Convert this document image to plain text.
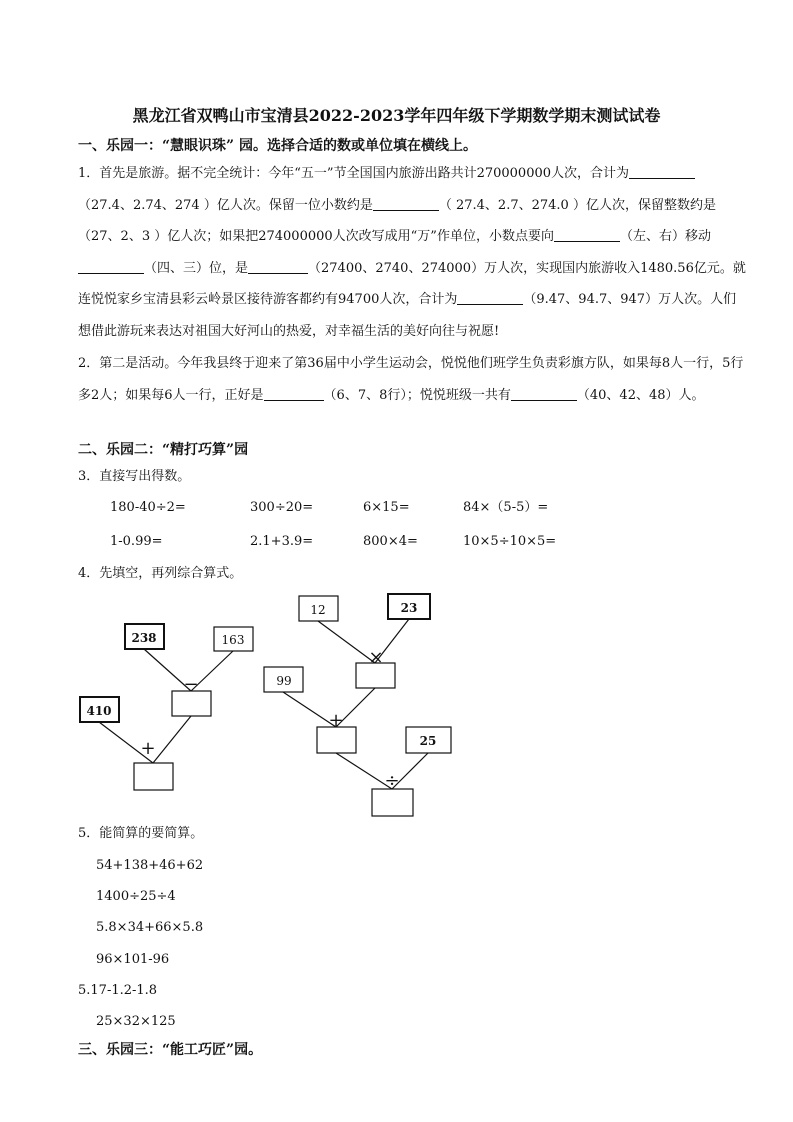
黑龙江省双鸭山市宝清县2022-2023学年四年级下学期数学期末测试试卷
一、乐园一：“慧眼识珠” 园。选择合适的数或单位填在横线上。
1．首先是旅游。据不完全统计：今年“五一”节全国国内旅游出路共计270000000人次，合计为（27.4、2.74、274 ）亿人次。保留一位小数约是	（ 27.4、2.7、274.0 ）亿人次，保留整数约是（27、2、3 ）亿人次；如果把274000000人次改写成用“万”作单位，小数点要向	（左、右）移动（四、三）位，是	（27400、2740、274000）万人次，实现国内旅游收入1480.56亿元。就连悦悦家乡宝清县彩云岭景区接待游客都约有94700人次，合计为	（9.47、94.7、947）万人次。人们想借此游玩来表达对祖国大好河山的热爱，对幸福生活的美好向往与祝愿!
2．第二是活动。今年我县终于迎来了第36届中小学生运动会，悦悦他们班学生负责彩旗方队，如果每8人一行，5行多2人；如果每6人一行，正好是	（6、7、8行）；悦悦班级一共有	（40、42、48）人。
二、乐园二：“精打巧算”园
3．直接写出得数。
180-40÷2=	300÷20=	6×15=	84×（5-5）=
1-0.99=	2.1+3.9=	800×4=	10×5÷10×5=
4．先填空，再列综合算式。
238	163
410
12	23
99
25
−
+
×
+
÷
5．能简算的要简算。
54+138+46+62
1400÷25÷4
5.8×34+66×5.8
96×101-96
5.17-1.2-1.8
25×32×125
三、乐园三：“能工巧匠”园。
